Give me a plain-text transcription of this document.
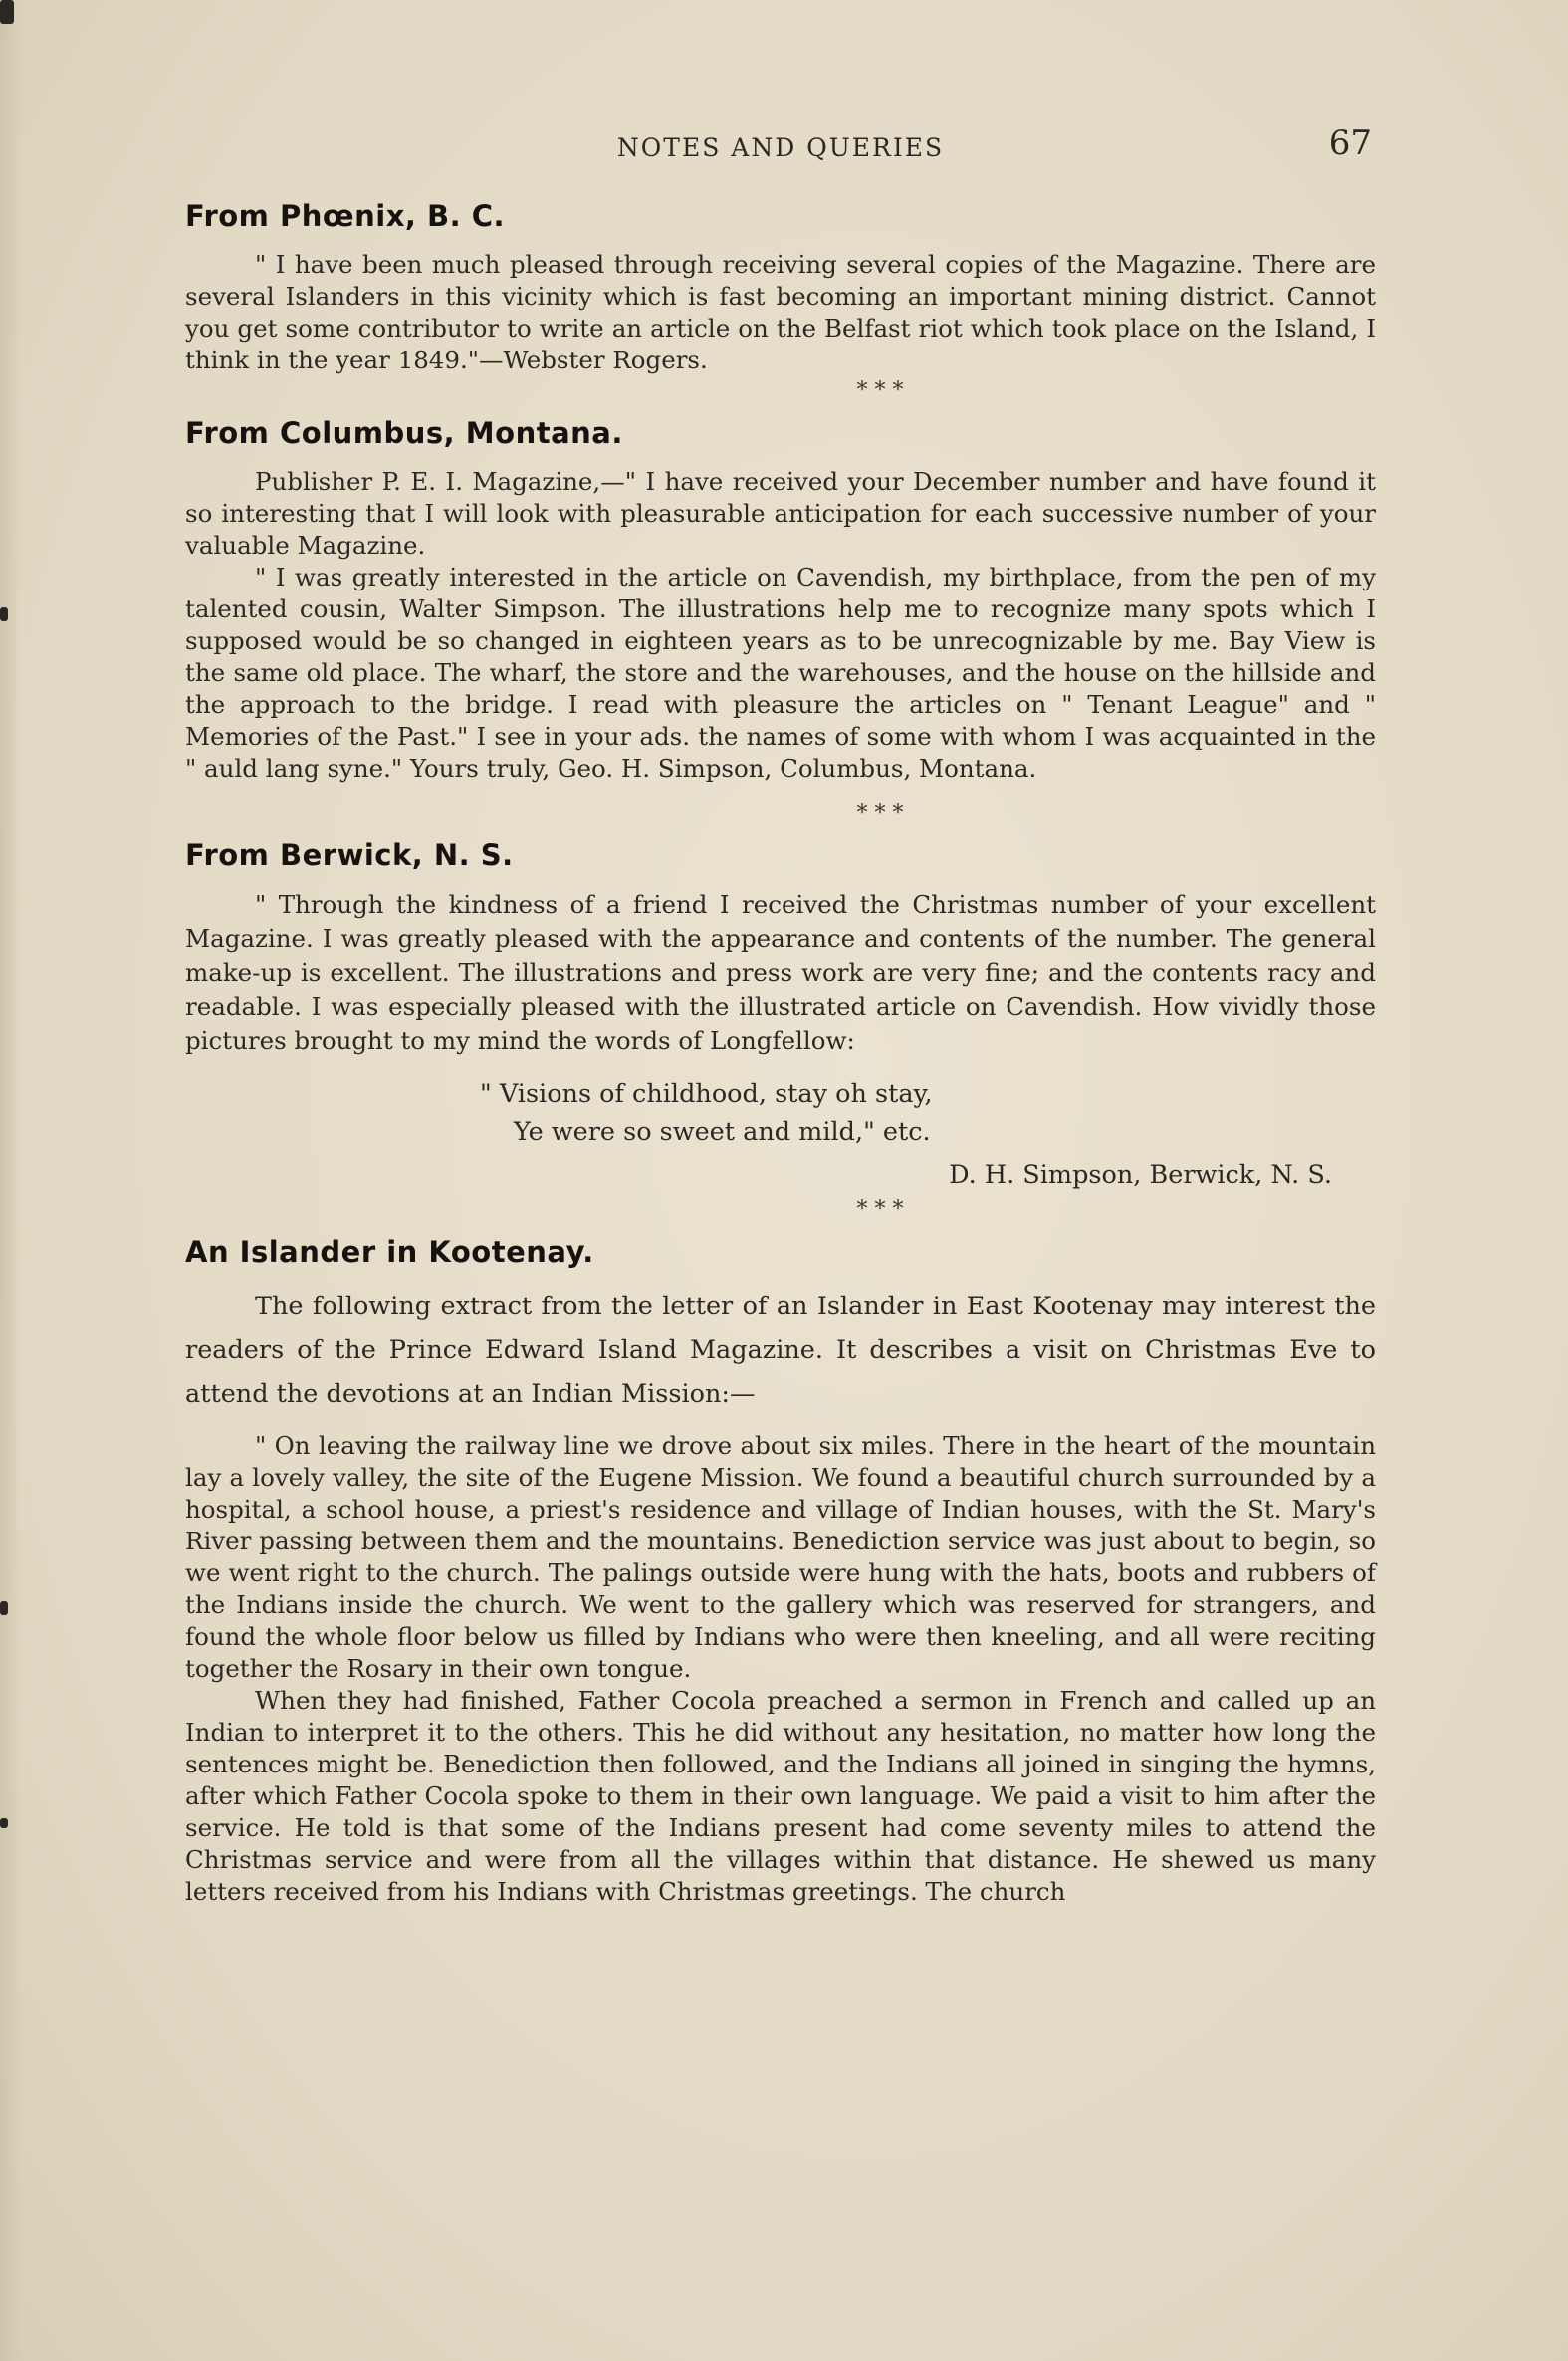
NOTES AND QUERIES	67
From Phœnix, B. C.

" I have been much pleased through receiving several copies of the Magazine. There are several Islanders in this vicinity which is fast becoming an important mining district. Cannot you get some contributor to write an article on the Belfast riot which took place on the Island, I think in the year 1849."—Webster Rogers.

* * *
From Columbus, Montana.

Publisher P. E. I. Magazine,—" I have received your December number and have found it so interesting that I will look with pleasurable anticipation for each successive number of your valuable Magazine.

" I was greatly interested in the article on Cavendish, my birthplace, from the pen of my talented cousin, Walter Simpson. The illustrations help me to recognize many spots which I supposed would be so changed in eighteen years as to be unrecognizable by me. Bay View is the same old place. The wharf, the store and the warehouses, and the house on the hillside and the approach to the bridge. I read with pleasure the articles on " Tenant League" and " Memories of the Past." I see in your ads. the names of some with whom I was acquainted in the " auld lang syne." Yours truly, Geo. H. Simpson, Columbus, Montana.

* * *
From Berwick, N. S.

" Through the kindness of a friend I received the Christmas number of your excellent Magazine. I was greatly pleased with the appearance and contents of the number. The general make-up is excellent. The illustrations and press work are very fine; and the contents racy and readable. I was especially pleased with the illustrated article on Cavendish. How vividly those pictures brought to my mind the words of Longfellow:

" Visions of childhood, stay oh stay,
Ye were so sweet and mild," etc.
D. H. Simpson, Berwick, N. S.
* * *
An Islander in Kootenay.

The following extract from the letter of an Islander in East Kootenay may interest the readers of the Prince Edward Island Magazine. It describes a visit on Christmas Eve to attend the devotions at an Indian Mission:—

" On leaving the railway line we drove about six miles. There in the heart of the mountain lay a lovely valley, the site of the Eugene Mission. We found a beautiful church surrounded by a hospital, a school house, a priest's residence and village of Indian houses, with the St. Mary's River passing between them and the mountains. Benediction service was just about to begin, so we went right to the church. The palings outside were hung with the hats, boots and rubbers of the Indians inside the church. We went to the gallery which was reserved for strangers, and found the whole floor below us filled by Indians who were then kneeling, and all were reciting together the Rosary in their own tongue.

When they had finished, Father Cocola preached a sermon in French and called up an Indian to interpret it to the others. This he did without any hesitation, no matter how long the sentences might be. Benediction then followed, and the Indians all joined in singing the hymns, after which Father Cocola spoke to them in their own language. We paid a visit to him after the service. He told is that some of the Indians present had come seventy miles to attend the Christmas service and were from all the villages within that distance. He shewed us many letters received from his Indians with Christmas greetings. The church
